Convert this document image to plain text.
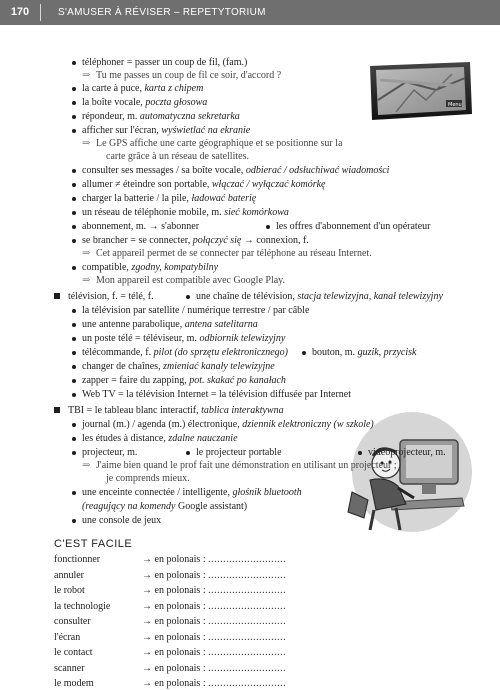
170	S'AMUSER À RÉVISER – REPETYTORIUM
Menu
téléphoner = passer un coup de fil, (fam.)
⇒ Tu me passes un coup de fil ce soir, d'accord ?
la carte à puce, karta z chipem
la boîte vocale, poczta głosowa
répondeur, m. automatyczna sekretarka
afficher sur l'écran, wyświetlać na ekranie
⇒ Le GPS affiche une carte géographique et se positionne sur la
carte grâce à un réseau de satellites.
consulter ses messages / sa boîte vocale, odbierać / odsłuchiwać wiadomości
allumer ≠ éteindre son portable, włączać / wyłączać komórkę
charger la batterie / la pile, ładować baterię
un réseau de téléphonie mobile, m. sieć komórkowa
abonnement, m. → s'abonner	les offres d'abonnement d'un opérateur
se brancher = se connecter, połączyć się → connexion, f.
⇒ Cet appareil permet de se connecter par téléphone au réseau Internet.
compatible, zgodny, kompatybilny
⇒ Mon appareil est compatible avec Google Play.
télévision, f. = télé, f.	une chaîne de télévision, stacja telewizyjna, kanał telewizyjny
la télévision par satellite / numérique terrestre / par câble
une antenne parabolique, antena satelitarna
un poste télé = téléviseur, m. odbiornik telewizyjny
télécommande, f. pilot (do sprzętu elektronicznego) bouton, m. guzik, przycisk
changer de chaînes, zmieniać kanały telewizyjne
zapper = faire du zapping, pot. skakać po kanałach
Web TV = la télévision Internet = la télévision diffusée par Internet
TBI = le tableau blanc interactif, tablica interaktywna
journal (m.) / agenda (m.) électronique, dziennik elektroniczny (w szkole)
les études à distance, zdalne nauczanie
projecteur, m.	le projecteur portable	vidéoprojecteur, m.
⇒ J'aime bien quand le prof fait une démonstration en utilisant un projecteur ;
je comprends mieux.
une enceinte connectée / intelligente, głośnik bluetooth
(reagujący na komendy Google assistant)
une console de jeux
C'EST FACILE
fonctionner	→ en polonais : ..........................
annuler	→ en polonais : ..........................
le robot	→ en polonais : ..........................
la technologie	→ en polonais : ..........................
consulter	→ en polonais : ..........................
l'écran	→ en polonais : ..........................
le contact	→ en polonais : ..........................
scanner	→ en polonais : ..........................
le modem	→ en polonais : ..........................
